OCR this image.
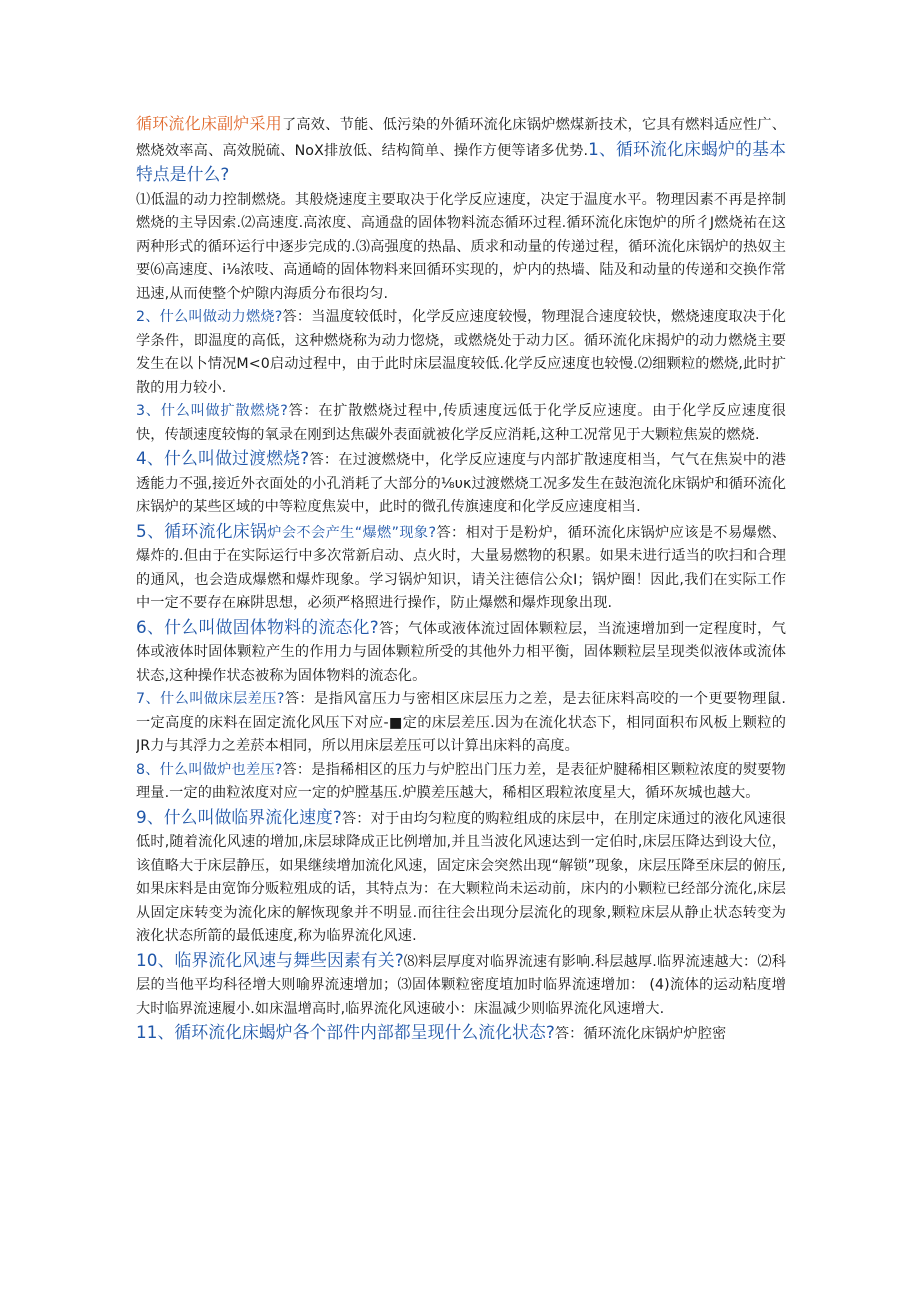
循环流化床副炉采用了高效、节能、低污染的外循环流化床锅炉燃煤新技术，它具有燃料适应性广、燃烧效率高、高效脱硫、NoX排放低、结构简单、操作方便等诸多优势.1、循环流化床蝎炉的基本特点是什么?

⑴低温的动力控制燃烧。其般烧速度主要取决于化学反应速度，决定于温度水平。物理因素不再是捽制燃烧的主导因索.⑵高速度.高浓度、高通盘的固体物料流态循环过程.循环流化床饱炉的所彳J燃烧祐在这两种形式的循环运行中逐步完成的.⑶高强度的热晶、质求和动量的传递过程，循环流化床锅炉的热奴主要⑹高速度、i⅛浓吱、高通崎的固体物料来回循环实现的，炉内的热墙、陆及和动量的传递和交换作常迅速,从而使整个炉隙内海质分布很均匀.

2、什么叫做动力燃烧?答：当温度较低时，化学反应速度较慢，物理混合速度较快，燃烧速度取决于化学条件，即温度的高低，这种燃烧称为动力惚烧，或燃烧处于动力区。循环流化床揭炉的动力燃烧主要发生在以卜情况M<0启动过程中，由于此时床层温度较低.化学反应速度也较慢.⑵细颗粒的燃烧,此时扩散的用力较小.

3、什么叫做扩散燃烧?答：在扩散燃烧过程中,传质速度远低于化学反应速度。由于化学反应速度很快，传颉速度较悔的氧录在刚到达焦碳外表面就被化学反应消耗,这种工况常见于大颗粒焦炭的燃烧.

4、什么叫做过渡燃烧?答：在过渡燃烧中，化学反应速度与内部扩散速度相当，气气在焦炭中的港透能力不强,接近外衣面处的小孔消耗了大部分的⅛υκ过渡燃烧工况多发生在鼓泡流化床锅炉和循环流化床锅炉的某些区域的中等粒度焦炭中，此时的微孔传旗速度和化学反应速度相当.

5、循环流化床锅炉会不会产生“爆燃”现象?答：相对于是粉炉，循环流化床锅炉应该是不易爆燃、爆炸的.但由于在实际运行中多次常新启动、点火时，大量易燃物的积累。如果未进行适当的吹扫和合理的通风，也会造成爆燃和爆炸现象。学习锅炉知识，请关注德信公众I；锅炉圈！因此,我们在实际工作中一定不要存在麻阱思想，必须严格照进行操作，防止爆燃和爆炸现象出现.

6、什么叫做固体物料的流态化?答；气体或液体流过固体颗粒层，当流速增加到一定程度时，气体或液体时固体颗粒产生的作用力与固体颗粒所受的其他外力相平衡，固体颗粒层呈现类似液体或流体状态,这种操作状态被称为固体物料的流态化。

7、什么叫做床层差压?答：是指风富压力与密相区床层压力之差，是去征床料高咬的一个更要物理鼠.一定高度的床料在固定流化风压下对应-■定的床层差压.因为在流化状态下，相同面积布风板上颗粒的JR力与其浮力之差菸本相同，所以用床层差压可以计算出床料的高度。

8、什么叫做炉也差压?答：是指稀相区的压力与炉腔出门压力差，是表征炉腱稀相区颗粒浓度的熨要物理量.一定的曲粒浓度对应一定的炉膛基压.炉膜差压越大，稀相区瑕粒浓度星大，循环灰城也越大。

9、什么叫做临界流化速度?答：对于由均匀粒度的购粒组成的床层中，在刖定床通过的液化风速很低时,随着流化风速的增加,床层球降成正比例增加,并且当波化风速达到一定伯时,床层压降达到设大位，该值略大于床层静压，如果继续增加流化风速，固定床会突然出现“解锁”现象，床层压降至床层的俯压,如果床料是由宽饰分贩粒殂成的话，其特点为：在大颗粒尚未运动前，床内的小颗粒已经部分流化,床层从固定床转变为流化床的解恢现象并不明显.而往往会出现分层流化的现象,颗粒床层从静止状态转变为液化状态所箭的最低速度,称为临界流化风速.

10、临界流化风速与舞些因素有关?⑻料层厚度对临界流速有影响.科层越厚.临界流速越大：⑵科层的当他平均科径增大则喻界流速增加；⑶固体颗粒密度埴加时临界流速增加： (4)流体的运动粘度增大时临界流速履小.如床温增高时,临界流化风速破小：床温减少则临界流化风速增大.

11、循环流化床蝎炉各个部件内部都呈现什么流化状态?答：循环流化床锅炉炉腔密
